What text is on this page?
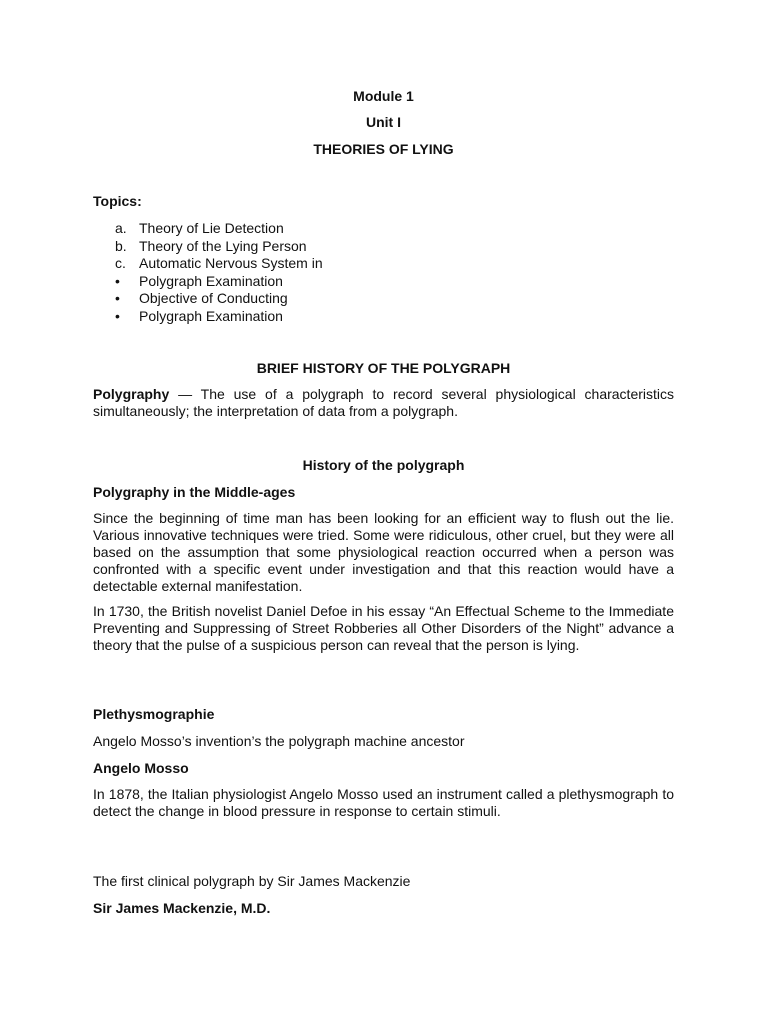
Module 1
Unit I
THEORIES OF LYING
Topics:
a. Theory of Lie Detection
b. Theory of the Lying Person
c. Automatic Nervous System in
•	Polygraph Examination
•	Objective of Conducting
•	Polygraph Examination
BRIEF HISTORY OF THE POLYGRAPH

Polygraphy — The use of a polygraph to record several physiological characteristics simultaneously; the interpretation of data from a polygraph.

History of the polygraph
Polygraphy in the Middle-ages

Since the beginning of time man has been looking for an efficient way to flush out the lie. Various innovative techniques were tried. Some were ridiculous, other cruel, but they were all based on the assumption that some physiological reaction occurred when a person was confronted with a specific event under investigation and that this reaction would have a detectable external manifestation.

In 1730, the British novelist Daniel Defoe in his essay “An Effectual Scheme to the Immediate Preventing and Suppressing of Street Robberies all Other Disorders of the Night” advance a theory that the pulse of a suspicious person can reveal that the person is lying.

Plethysmographie

Angelo Mosso’s invention’s the polygraph machine ancestor

Angelo Mosso

In 1878, the Italian physiologist Angelo Mosso used an instrument called a plethysmograph to detect the change in blood pressure in response to certain stimuli.

The first clinical polygraph by Sir James Mackenzie

Sir James Mackenzie, M.D.
